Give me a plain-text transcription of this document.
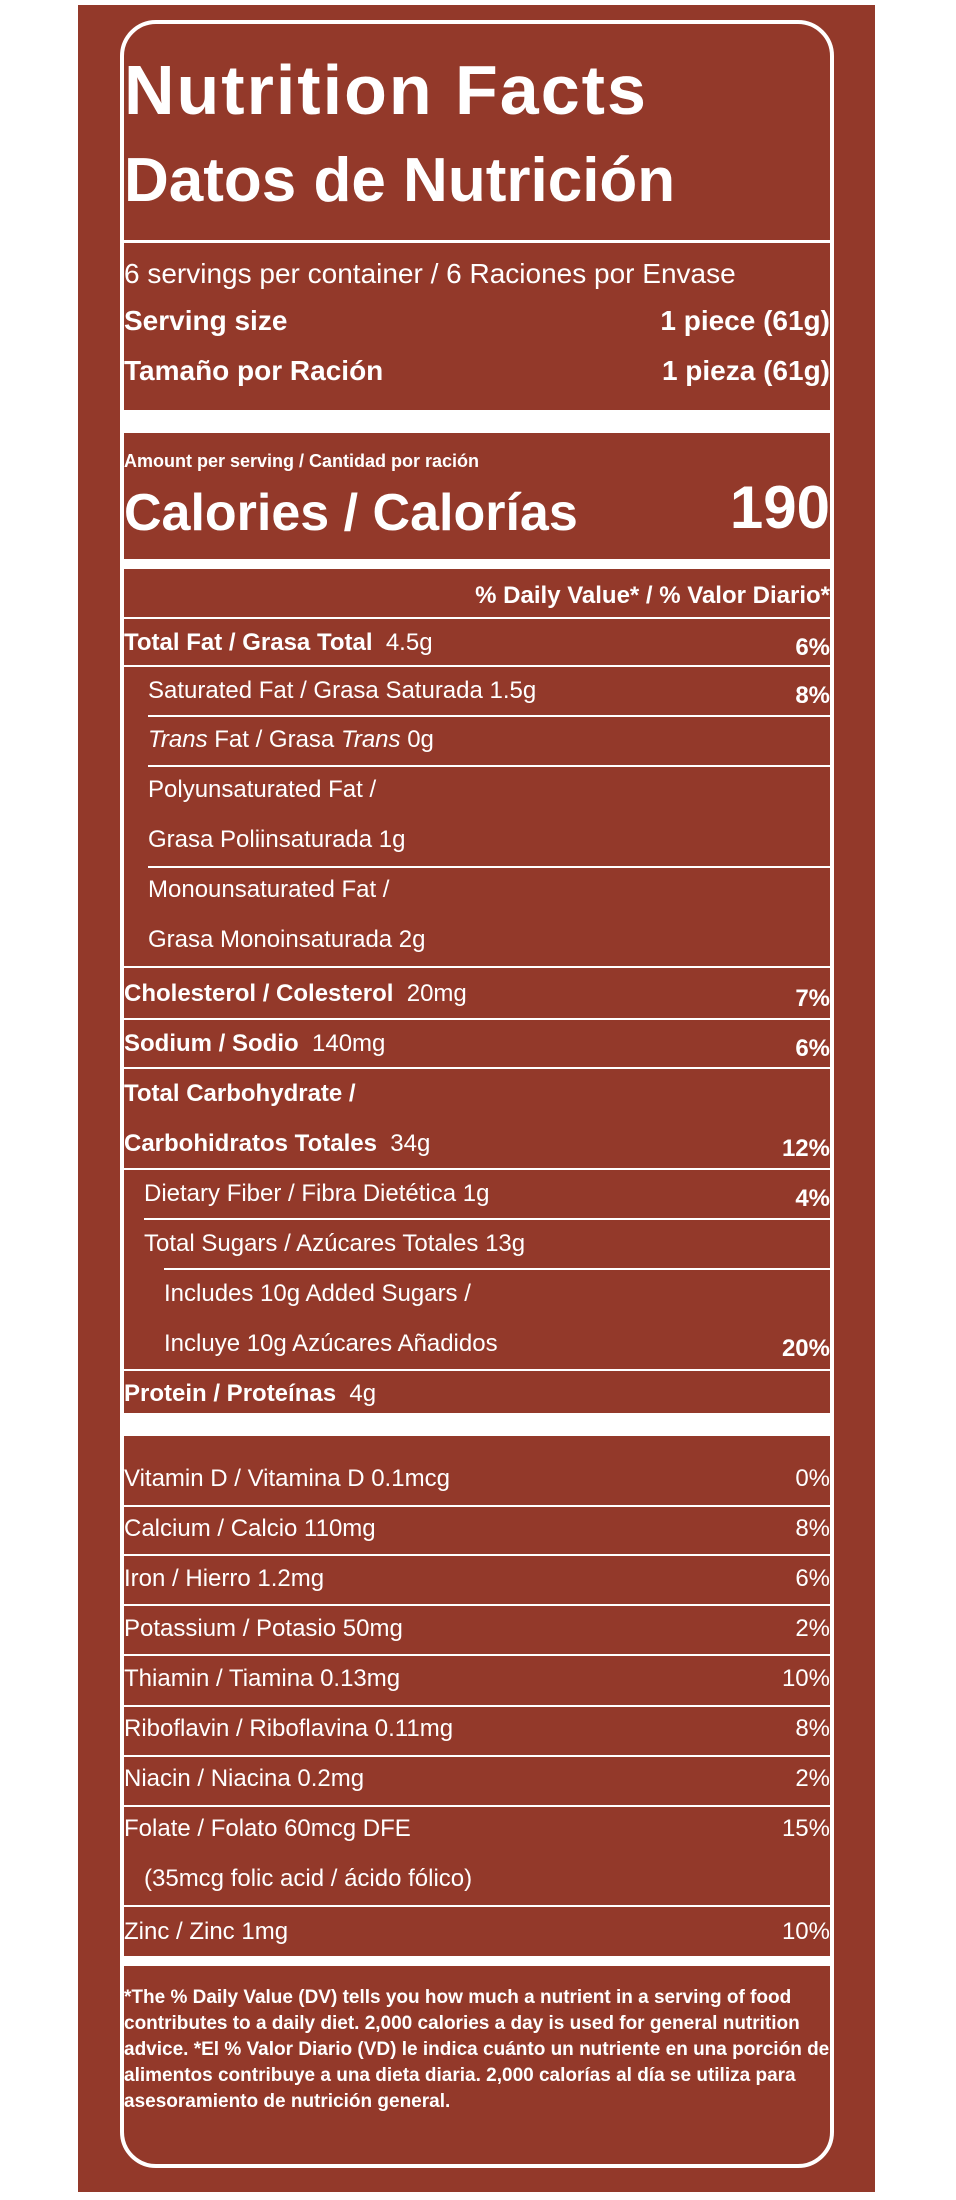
Nutrition Facts
Datos de Nutrición
6 servings per container / 6 Raciones por Envase
Serving size	1 piece (61g)
Tamaño por Ración	1 pieza (61g)
Amount per serving / Cantidad por ración
Calories / Calorías	190
% Daily Value* / % Valor Diario*
Total Fat / Grasa Total 4.5g	6%
Saturated Fat / Grasa Saturada 1.5g	8%
Trans Fat / Grasa Trans 0g
Polyunsaturated Fat /
Grasa Poliinsaturada 1g
Monounsaturated Fat /
Grasa Monoinsaturada 2g
Cholesterol / Colesterol 20mg	7%
Sodium / Sodio 140mg	6%
Total Carbohydrate /
Carbohidratos Totales 34g	12%
Dietary Fiber / Fibra Dietética 1g	4%
Total Sugars / Azúcares Totales 13g
Includes 10g Added Sugars /
Incluye 10g Azúcares Añadidos	20%
Protein / Proteínas 4g
Vitamin D / Vitamina D 0.1mcg	0%
Calcium / Calcio 110mg	8%
Iron / Hierro 1.2mg	6%
Potassium / Potasio 50mg	2%
Thiamin / Tiamina 0.13mg	10%
Riboflavin / Riboflavina 0.11mg	8%
Niacin / Niacina 0.2mg	2%
Folate / Folato 60mcg DFE	15%
(35mcg folic acid / ácido fólico)
Zinc / Zinc 1mg	10%
*The % Daily Value (DV) tells you how much a nutrient in a serving of food contributes to a daily diet. 2,000 calories a day is used for general nutrition advice. *El % Valor Diario (VD) le indica cuánto un nutriente en una porción de alimentos contribuye a una dieta diaria. 2,000 calorías al día se utiliza para asesoramiento de nutrición general.
